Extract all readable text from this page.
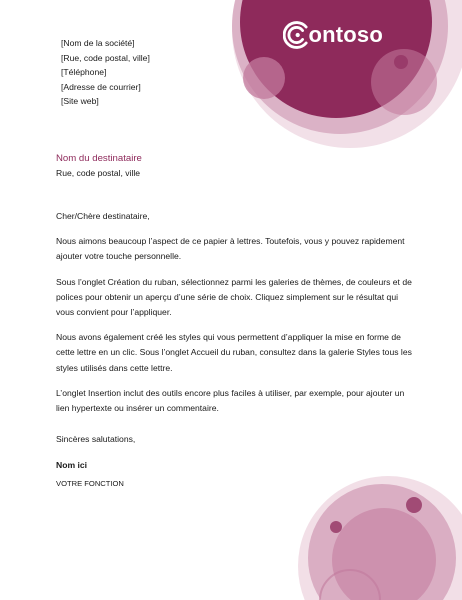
ontoso
[Nom de la société]
[Rue, code postal, ville]
[Téléphone]
[Adresse de courrier]
[Site web]
Nom du destinataire
Rue, code postal, ville

Cher/Chère destinataire,

Nous aimons beaucoup l’aspect de ce papier à lettres. Toutefois, vous y pouvez rapidement ajouter votre touche personnelle.

Sous l’onglet Création du ruban, sélectionnez parmi les galeries de thèmes, de couleurs et de polices pour obtenir un aperçu d’une série de choix. Cliquez simplement sur le résultat qui vous convient pour l’appliquer.

Nous avons également créé les styles qui vous permettent d’appliquer la mise en forme de cette lettre en un clic. Sous l’onglet Accueil du ruban, consultez dans la galerie Styles tous les styles utilisés dans cette lettre.

L’onglet Insertion inclut des outils encore plus faciles à utiliser, par exemple, pour ajouter un lien hypertexte ou insérer un commentaire.

Sincères salutations,

Nom ici
VOTRE FONCTION
